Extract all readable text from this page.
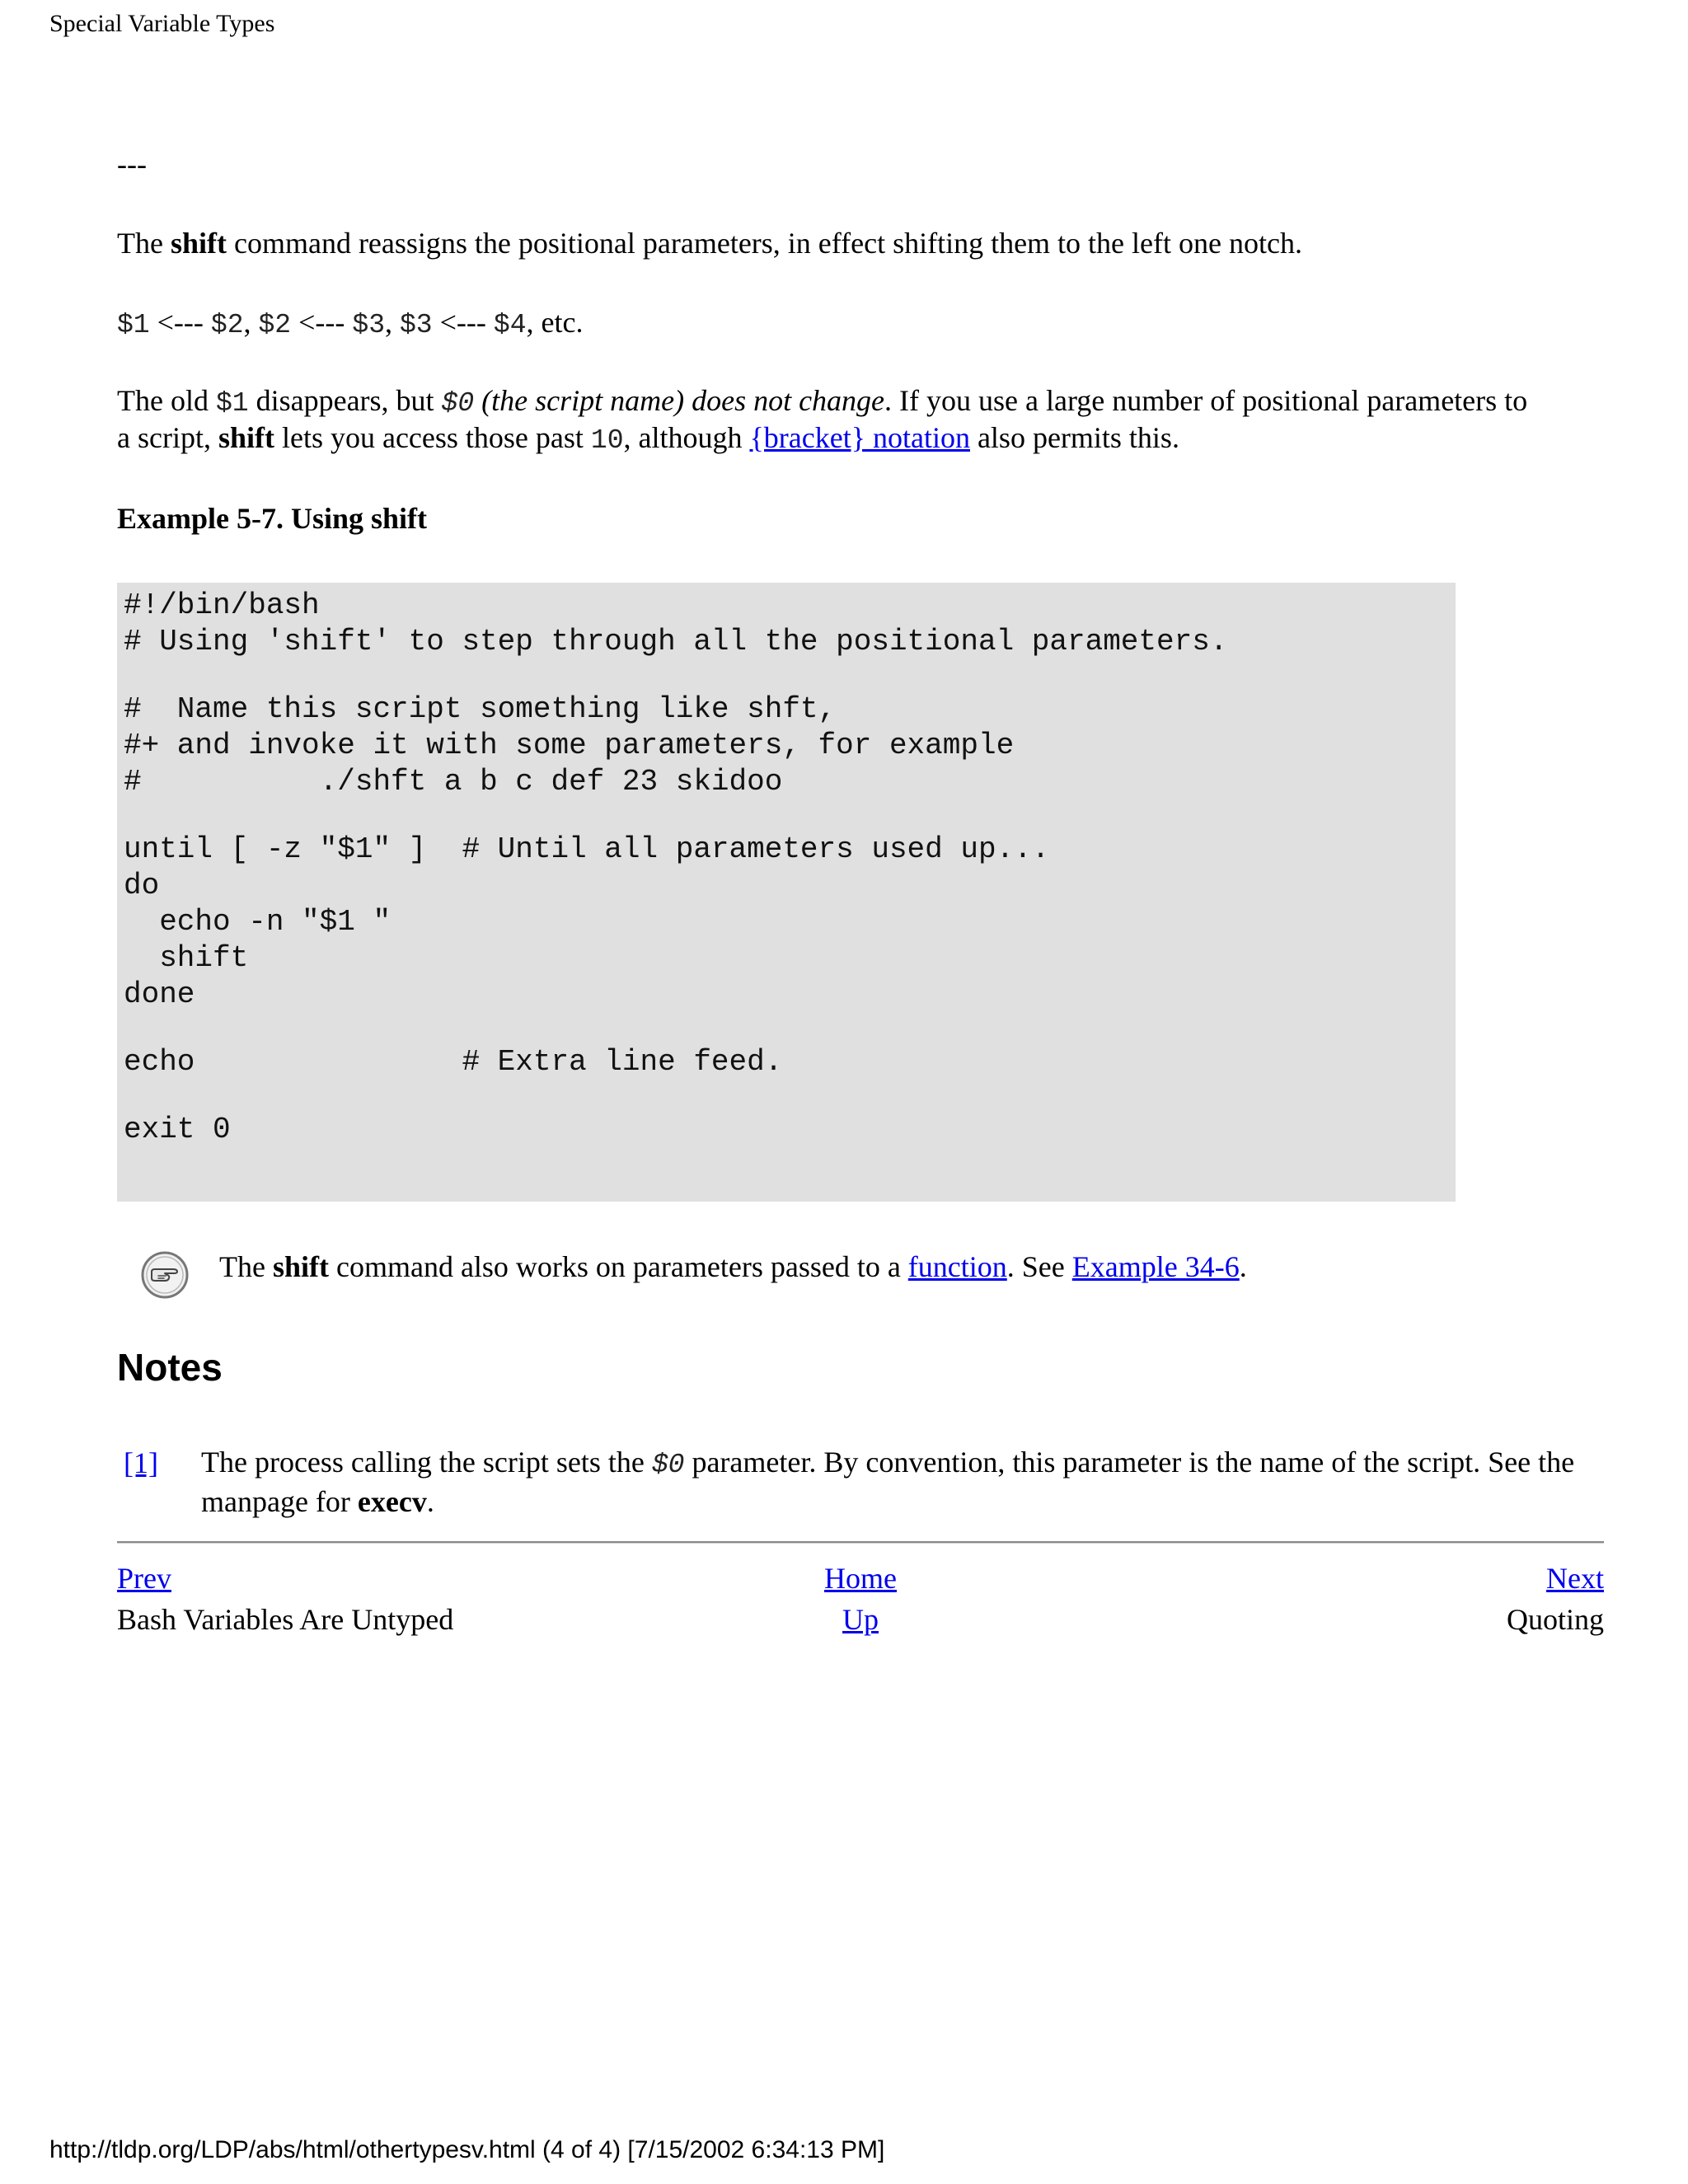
Special Variable Types
---
The shift command reassigns the positional parameters, in effect shifting them to the left one notch.
$1 <--- $2, $2 <--- $3, $3 <--- $4, etc.
The old $1 disappears, but $0 (the script name) does not change. If you use a large number of positional parameters to
a script, shift lets you access those past 10, although {bracket} notation also permits this.
Example 5-7. Using shift
#!/bin/bash
# Using 'shift' to step through all the positional parameters.
#  Name this script something like shft,
#+ and invoke it with some parameters, for example
#          ./shft a b c def 23 skidoo
until [ -z "$1" ]  # Until all parameters used up...
do
echo -n "$1 "
shift
done
echo               # Extra line feed.
exit 0
The shift command also works on parameters passed to a function. See Example 34-6.
Notes
[1] The process calling the script sets the $0 parameter. By convention, this parameter is the name of the script. See the manpage for execv.
Prev	Home	Next
Bash Variables Are Untyped	Up	Quoting
http://tldp.org/LDP/abs/html/othertypesv.html (4 of 4) [7/15/2002 6:34:13 PM]
